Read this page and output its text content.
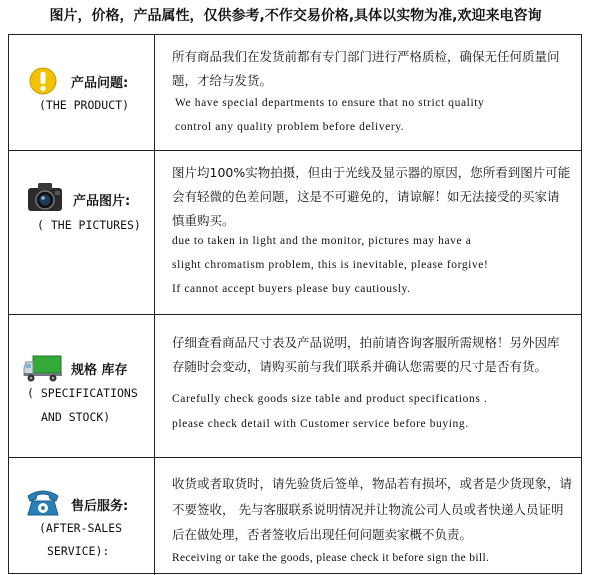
图片，价格，产品属性，仅供参考,不作交易价格,具体以实物为准,欢迎来电咨询
产品问题:
(THE PRODUCT)
所有商品我们在发货前都有专门部门进行严格质检，确保无任何质量问
题，才给与发货。
We have special departments to ensure that no strict quality
control any quality problem before delivery.
产品图片:
( THE PICTURES)
图片均100%实物拍摄，但由于光线及显示器的原因，您所看到图片可能
会有轻微的色差问题，这是不可避免的，请谅解！如无法接受的买家请
慎重购买。
due to taken in light and the monitor, pictures may have a
slight chromatism problem, this is inevitable, please forgive!
If cannot accept buyers please buy cautiously.
规格 库存
( SPECIFICATIONS
AND STOCK)
仔细查看商品尺寸表及产品说明，拍前请咨询客服所需规格！另外因库
存随时会变动，请购买前与我们联系并确认您需要的尺寸是否有货。
Carefully check goods size table and product specifications .
please check detail with Customer service before buying.
售后服务:
(AFTER-SALES
SERVICE):
收货或者取货时，请先验货后签单，物品若有损坏，或者是少货现象，请
不要签收， 先与客服联系说明情况并让物流公司人员或者快递人员证明
后在做处理，否者签收后出现任何问题卖家概不负责。
Receiving or take the goods, please check it before sign the bill.
